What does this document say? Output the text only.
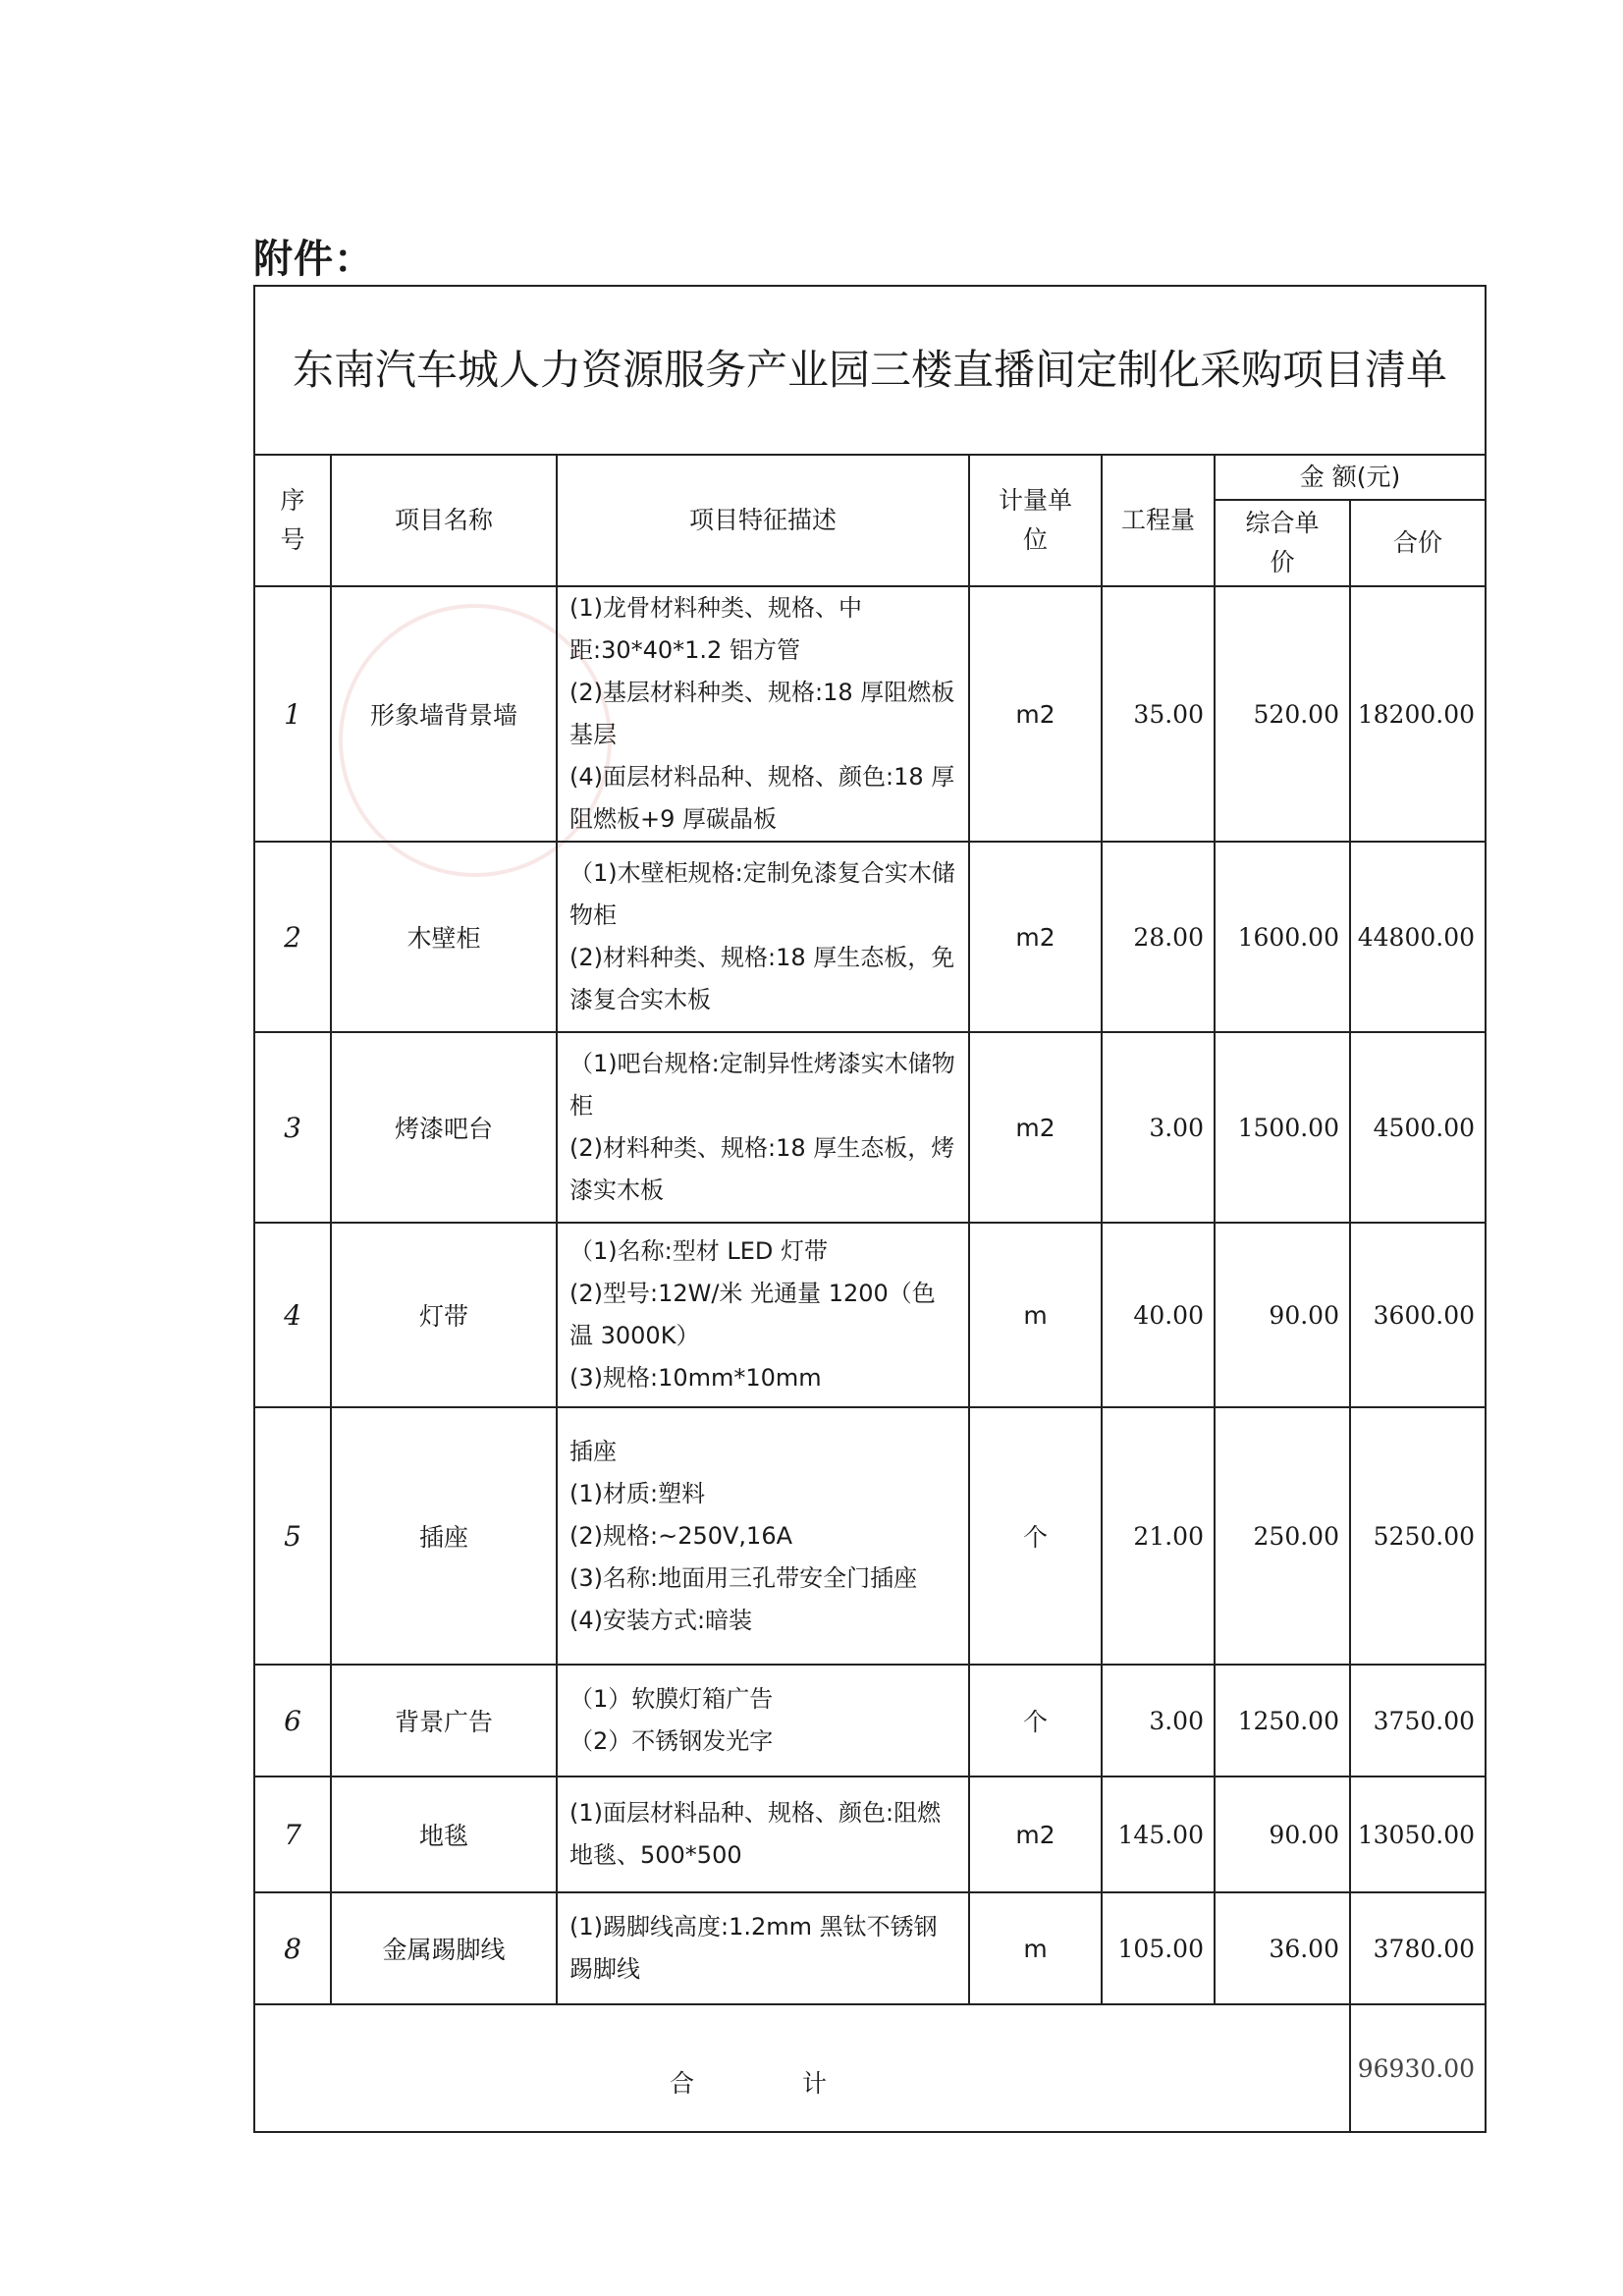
附件：
东南汽车城人力资源服务产业园三楼直播间定制化采购项目清单						
序号	项目名称	项目特征描述	计量单位	工程量	金 额(元)	
					综合单价	合价
1	形象墙背景墙	(1)龙骨材料种类、规格、中距:30*40*1.2 铝方管
(2)基层材料种类、规格:18 厚阻燃板基层
(4)面层材料品种、规格、颜色:18 厚阻燃板+9 厚碳晶板	m2	35.00	520.00	18200.00
2	木壁柜	（1)木壁柜规格:定制免漆复合实木储物柜
(2)材料种类、规格:18 厚生态板，免漆复合实木板	m2	28.00	1600.00	44800.00
3	烤漆吧台	（1)吧台规格:定制异性烤漆实木储物柜
(2)材料种类、规格:18 厚生态板，烤漆实木板	m2	3.00	1500.00	4500.00
4	灯带	（1)名称:型材 LED 灯带
(2)型号:12W/米 光通量 1200（色温 3000K）
(3)规格:10mm*10mm	m	40.00	90.00	3600.00
5	插座	插座
(1)材质:塑料
(2)规格:~250V,16A
(3)名称:地面用三孔带安全门插座
(4)安装方式:暗装	个	21.00	250.00	5250.00
6	背景广告	（1）软膜灯箱广告
（2）不锈钢发光字	个	3.00	1250.00	3750.00
7	地毯	(1)面层材料品种、规格、颜色:阻燃地毯、500*500	m2	145.00	90.00	13050.00
8	金属踢脚线	(1)踢脚线高度:1.2mm 黑钛不锈钢踢脚线	m	105.00	36.00	3780.00
合计						96930.00
